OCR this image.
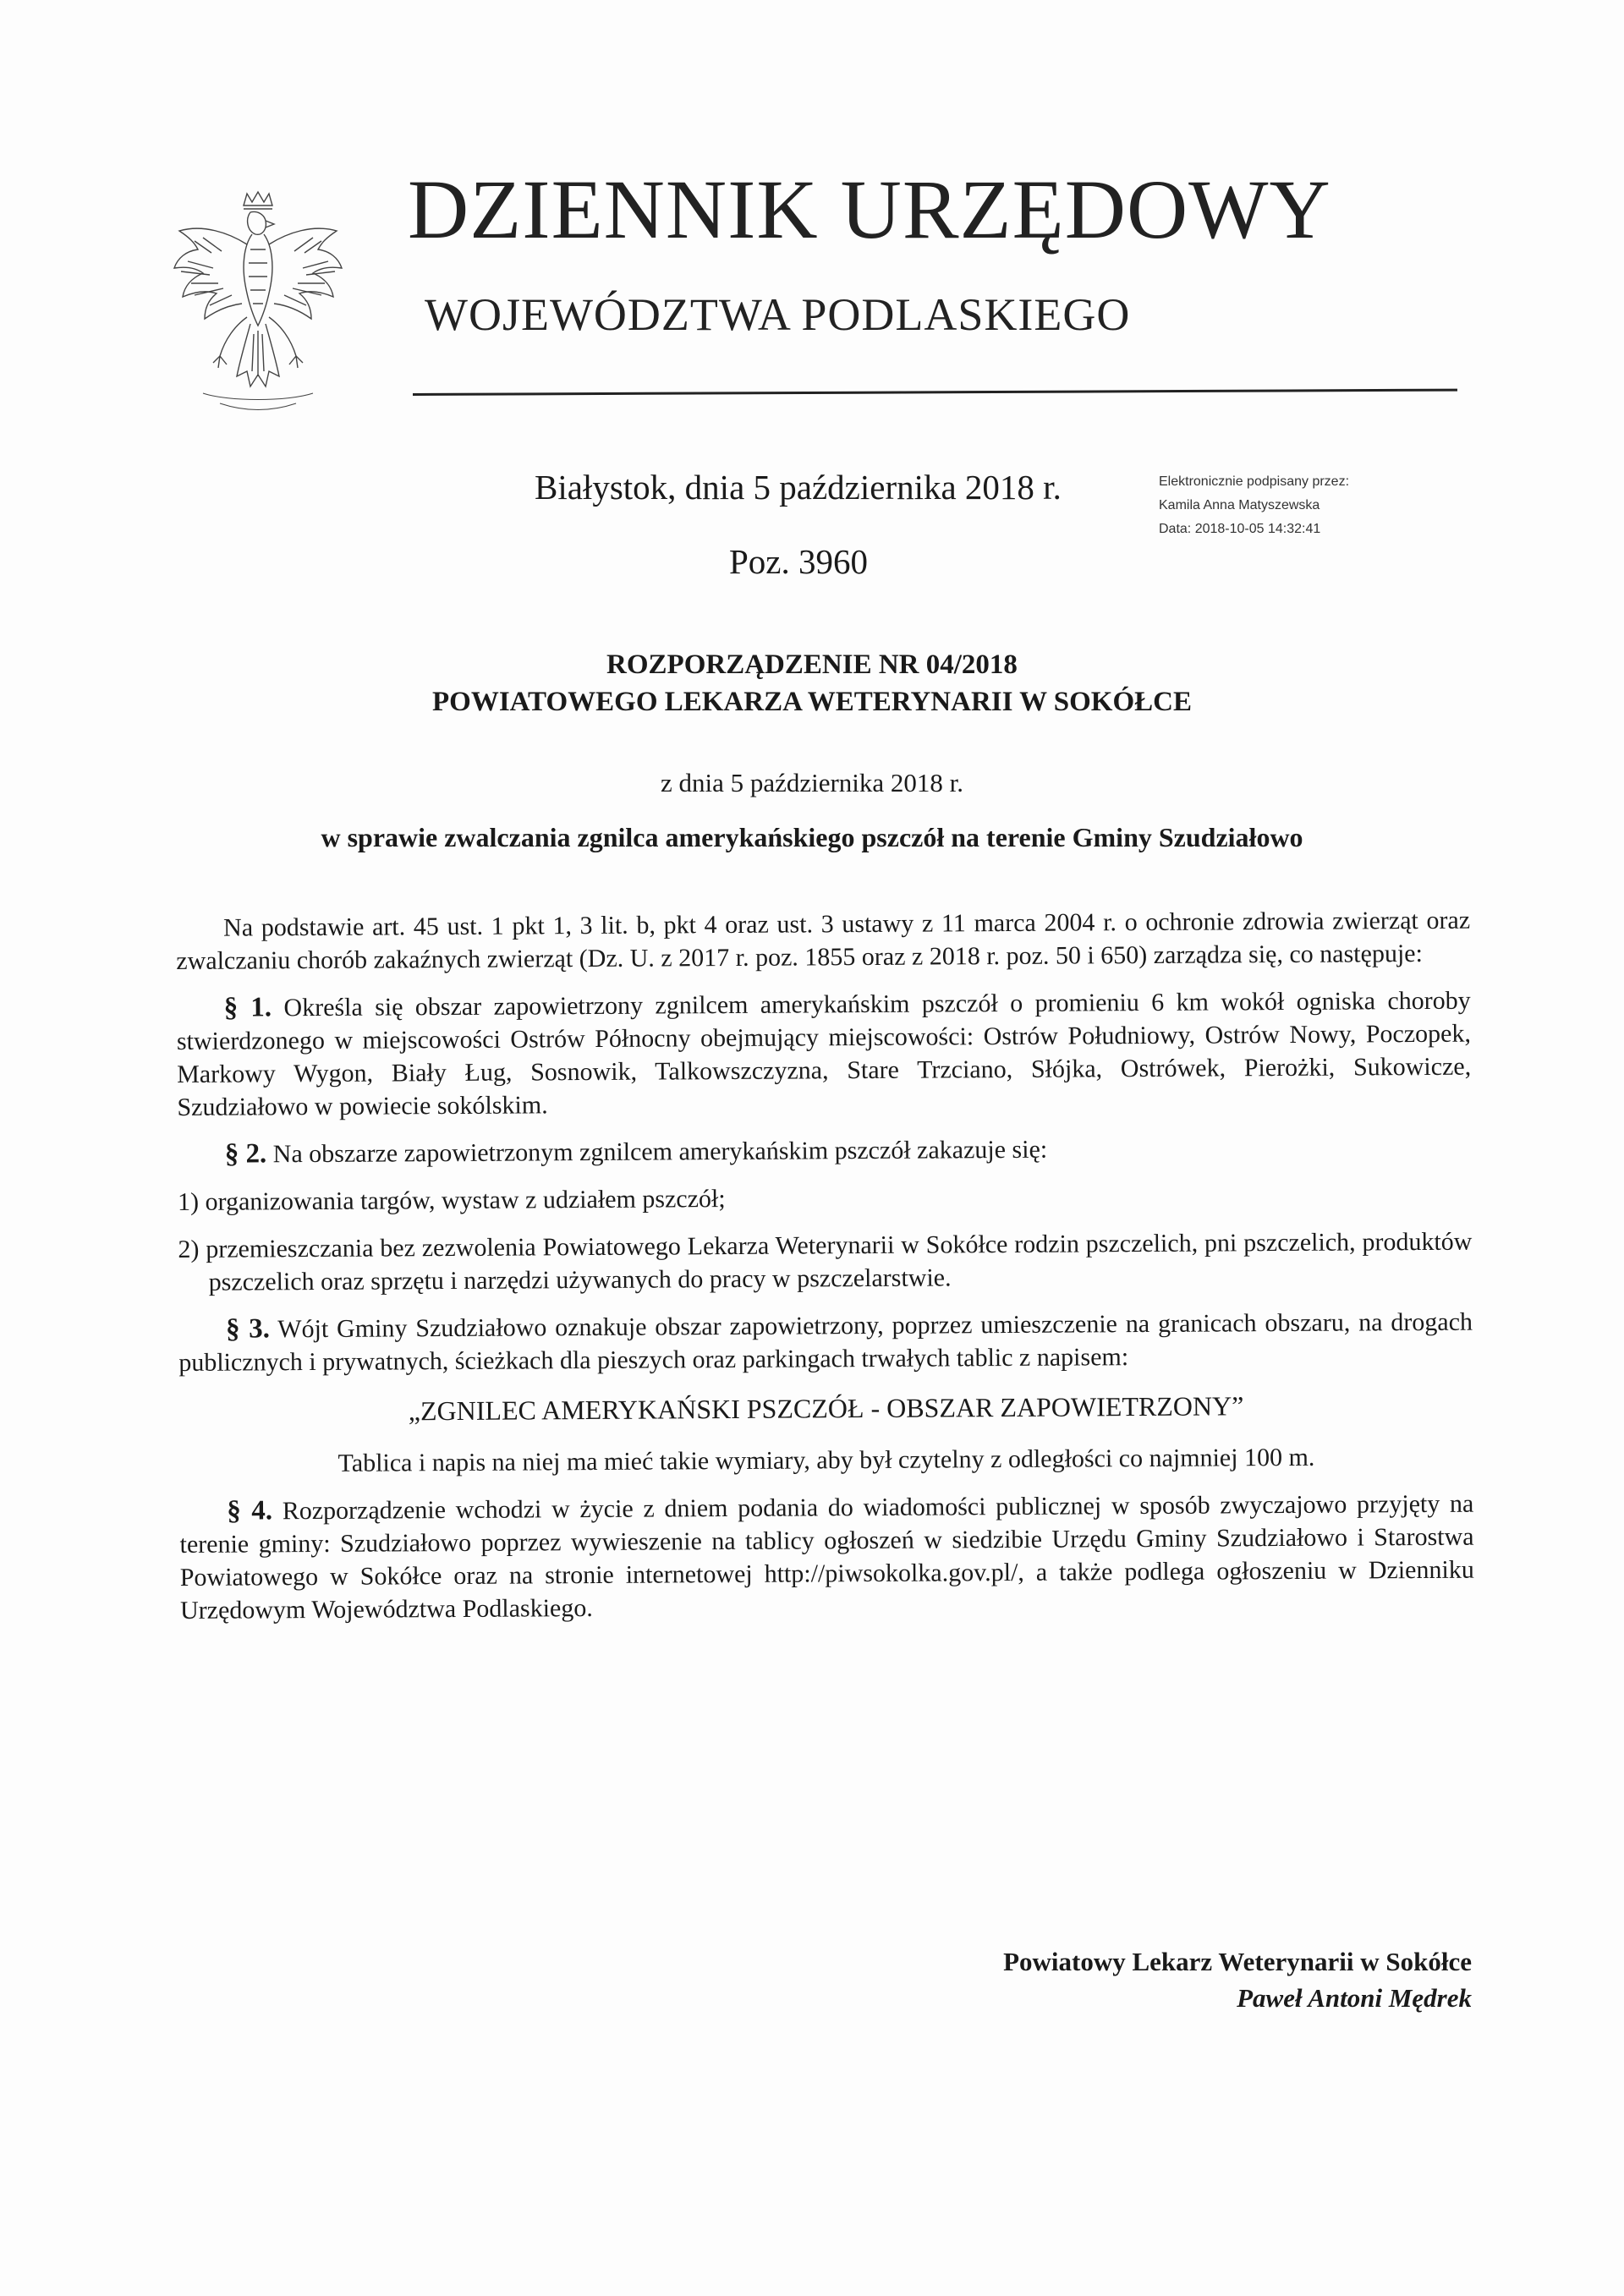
DZIENNIK URZĘDOWY
WOJEWÓDZTWA PODLASKIEGO
Białystok, dnia 5 października 2018 r.
Poz. 3960
Elektronicznie podpisany przez:
Kamila Anna Matyszewska
Data: 2018-10-05 14:32:41
ROZPORZĄDZENIE NR 04/2018
POWIATOWEGO LEKARZA WETERYNARII W SOKÓŁCE
z dnia 5 października 2018 r.
w sprawie zwalczania zgnilca amerykańskiego pszczół na terenie Gminy Szudziałowo

Na podstawie art. 45 ust. 1 pkt 1, 3 lit. b, pkt 4 oraz ust. 3 ustawy z 11 marca 2004 r. o ochronie zdrowia zwierząt oraz zwalczaniu chorób zakaźnych zwierząt (Dz. U. z 2017 r. poz. 1855 oraz z 2018 r. poz. 50 i 650) zarządza się, co następuje:

§ 1. Określa się obszar zapowietrzony zgnilcem amerykańskim pszczół o promieniu 6 km wokół ogniska choroby stwierdzonego w miejscowości Ostrów Północny obejmujący miejscowości: Ostrów Południowy, Ostrów Nowy, Poczopek, Markowy Wygon, Biały Ług, Sosnowik, Talkowszczyzna, Stare Trzciano, Słójka, Ostrówek, Pierożki, Sukowicze, Szudziałowo w powiecie sokólskim.

§ 2. Na obszarze zapowietrzonym zgnilcem amerykańskim pszczół zakazuje się:

1) organizowania targów, wystaw z udziałem pszczół;

2) przemieszczania bez zezwolenia Powiatowego Lekarza Weterynarii w Sokółce rodzin pszczelich, pni pszczelich, produktów pszczelich oraz sprzętu i narzędzi używanych do pracy w pszczelarstwie.

§ 3. Wójt Gminy Szudziałowo oznakuje obszar zapowietrzony, poprzez umieszczenie na granicach obszaru, na drogach publicznych i prywatnych, ścieżkach dla pieszych oraz parkingach trwałych tablic z napisem:

„ZGNILEC AMERYKAŃSKI PSZCZÓŁ - OBSZAR ZAPOWIETRZONY”

Tablica i napis na niej ma mieć takie wymiary, aby był czytelny z odległości co najmniej 100 m.

§ 4. Rozporządzenie wchodzi w życie z dniem podania do wiadomości publicznej w sposób zwyczajowo przyjęty na terenie gminy: Szudziałowo poprzez wywieszenie na tablicy ogłoszeń w siedzibie Urzędu Gminy Szudziałowo i Starostwa Powiatowego w Sokółce oraz na stronie internetowej http://piwsokolka.gov.pl/, a także podlega ogłoszeniu w Dzienniku Urzędowym Województwa Podlaskiego.

Powiatowy Lekarz Weterynarii w Sokółce
Paweł Antoni Mędrek
